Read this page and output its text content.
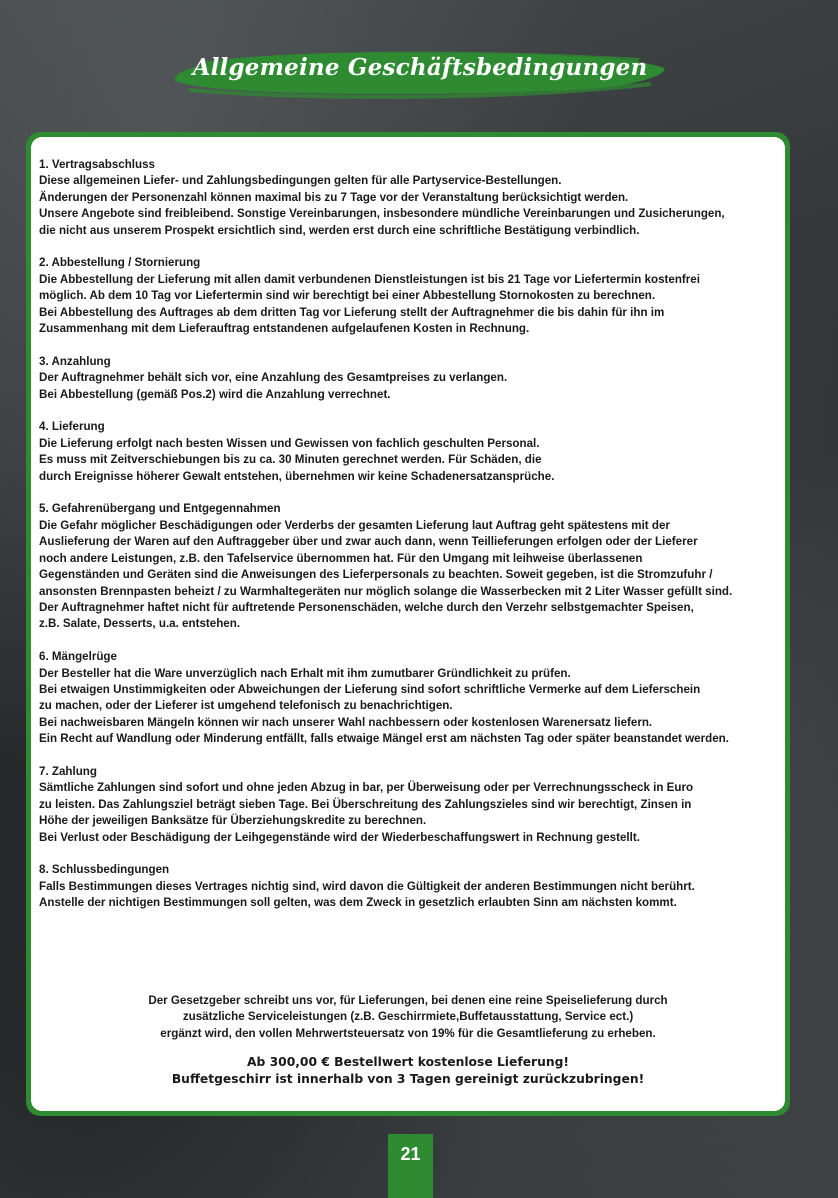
Allgemeine Geschäftsbedingungen
1. Vertragsabschluss
Diese allgemeinen Liefer- und Zahlungsbedingungen gelten für alle Partyservice-Bestellungen.
Änderungen der Personenzahl können maximal bis zu 7 Tage vor der Veranstaltung berücksichtigt werden.
Unsere Angebote sind freibleibend. Sonstige Vereinbarungen, insbesondere mündliche Vereinbarungen und Zusicherungen,
die nicht aus unserem Prospekt ersichtlich sind, werden erst durch eine schriftliche Bestätigung verbindlich.
2. Abbestellung / Stornierung
Die Abbestellung der Lieferung mit allen damit verbundenen Dienstleistungen ist bis 21 Tage vor Liefertermin kostenfrei
möglich. Ab dem 10 Tag vor Liefertermin sind wir berechtigt bei einer Abbestellung Stornokosten zu berechnen.
Bei Abbestellung des Auftrages ab dem dritten Tag vor Lieferung stellt der Auftragnehmer die bis dahin für ihn im
Zusammenhang mit dem Lieferauftrag entstandenen aufgelaufenen Kosten in Rechnung.
3. Anzahlung
Der Auftragnehmer behält sich vor, eine Anzahlung des Gesamtpreises zu verlangen.
Bei Abbestellung (gemäß Pos.2) wird die Anzahlung verrechnet.
4. Lieferung
Die Lieferung erfolgt nach besten Wissen und Gewissen von fachlich geschulten Personal.
Es muss mit Zeitverschiebungen bis zu ca. 30 Minuten gerechnet werden. Für Schäden, die
durch Ereignisse höherer Gewalt entstehen, übernehmen wir keine Schadenersatzansprüche.
5. Gefahrenübergang und Entgegennahmen
Die Gefahr möglicher Beschädigungen oder Verderbs der gesamten Lieferung laut Auftrag geht spätestens mit der
Auslieferung der Waren auf den Auftraggeber über und zwar auch dann, wenn Teillieferungen erfolgen oder der Lieferer
noch andere Leistungen, z.B. den Tafelservice übernommen hat. Für den Umgang mit leihweise überlassenen
Gegenständen und Geräten sind die Anweisungen des Lieferpersonals zu beachten. Soweit gegeben, ist die Stromzufuhr /
ansonsten Brennpasten beheizt / zu Warmhaltegeräten nur möglich solange die Wasserbecken mit 2 Liter Wasser gefüllt sind.
Der Auftragnehmer haftet nicht für auftretende Personenschäden, welche durch den Verzehr selbstgemachter Speisen,
z.B. Salate, Desserts, u.a. entstehen.
6. Mängelrüge
Der Besteller hat die Ware unverzüglich nach Erhalt mit ihm zumutbarer Gründlichkeit zu prüfen.
Bei etwaigen Unstimmigkeiten oder Abweichungen der Lieferung sind sofort schriftliche Vermerke auf dem Lieferschein
zu machen, oder der Lieferer ist umgehend telefonisch zu benachrichtigen.
Bei nachweisbaren Mängeln können wir nach unserer Wahl nachbessern oder kostenlosen Warenersatz liefern.
Ein Recht auf Wandlung oder Minderung entfällt, falls etwaige Mängel erst am nächsten Tag oder später beanstandet werden.
7. Zahlung
Sämtliche Zahlungen sind sofort und ohne jeden Abzug in bar, per Überweisung oder per Verrechnungsscheck in Euro
zu leisten. Das Zahlungsziel beträgt sieben Tage. Bei Überschreitung des Zahlungszieles sind wir berechtigt, Zinsen in
Höhe der jeweiligen Banksätze für Überziehungskredite zu berechnen.
Bei Verlust oder Beschädigung der Leihgegenstände wird der Wiederbeschaffungswert in Rechnung gestellt.
8. Schlussbedingungen
Falls Bestimmungen dieses Vertrages nichtig sind, wird davon die Gültigkeit der anderen Bestimmungen nicht berührt.
Anstelle der nichtigen Bestimmungen soll gelten, was dem Zweck in gesetzlich erlaubten Sinn am nächsten kommt.
Der Gesetzgeber schreibt uns vor, für Lieferungen, bei denen eine reine Speiselieferung durch
zusätzliche Serviceleistungen (z.B. Geschirrmiete,Buffetausstattung, Service ect.)
ergänzt wird, den vollen Mehrwertsteuersatz von 19% für die Gesamtlieferung zu erheben.
Ab 300,00 € Bestellwert kostenlose Lieferung!
Buffetgeschirr ist innerhalb von 3 Tagen gereinigt zurückzubringen!
21
